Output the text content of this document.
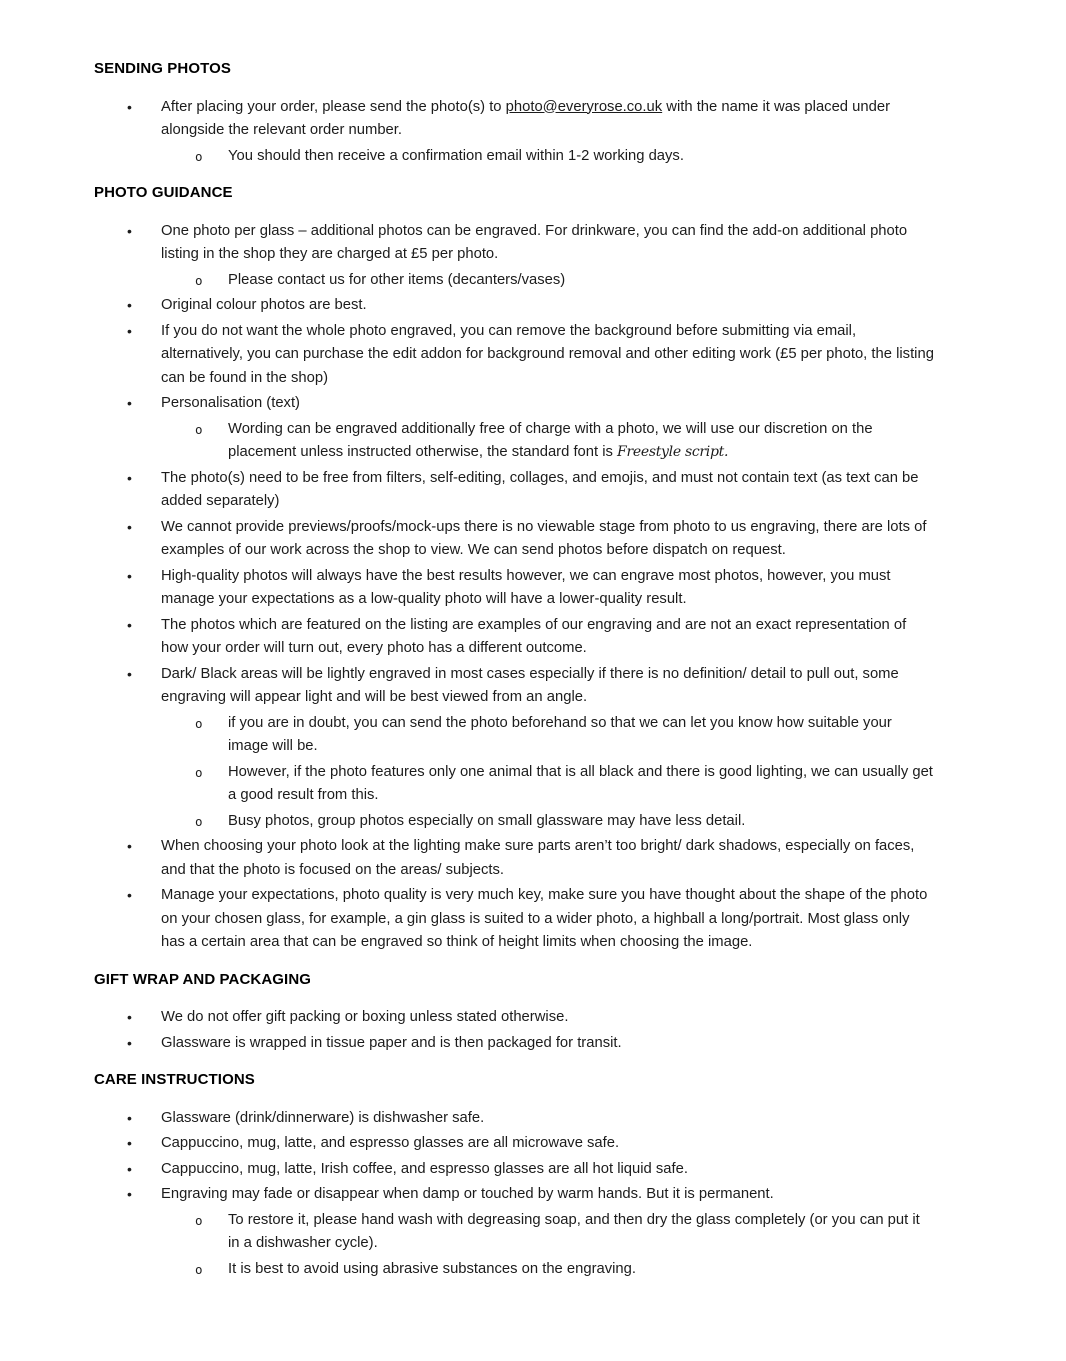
SENDING PHOTOS
• After placing your order, please send the photo(s) to photo@everyrose.co.uk with the name it was placed under alongside the relevant order number.
o You should then receive a confirmation email within 1-2 working days.
PHOTO GUIDANCE
• One photo per glass – additional photos can be engraved. For drinkware, you can find the add-on additional photo listing in the shop they are charged at £5 per photo.
o Please contact us for other items (decanters/vases)
• Original colour photos are best.
• If you do not want the whole photo engraved, you can remove the background before submitting via email, alternatively, you can purchase the edit addon for background removal and other editing work (£5 per photo, the listing can be found in the shop)
• Personalisation (text)
o Wording can be engraved additionally free of charge with a photo, we will use our discretion on the placement unless instructed otherwise, the standard font is Freestyle script.
• The photo(s) need to be free from filters, self-editing, collages, and emojis, and must not contain text (as text can be added separately)
• We cannot provide previews/proofs/mock-ups there is no viewable stage from photo to us engraving, there are lots of examples of our work across the shop to view. We can send photos before dispatch on request.
• High-quality photos will always have the best results however, we can engrave most photos, however, you must manage your expectations as a low-quality photo will have a lower-quality result.
• The photos which are featured on the listing are examples of our engraving and are not an exact representation of how your order will turn out, every photo has a different outcome.
• Dark/ Black areas will be lightly engraved in most cases especially if there is no definition/ detail to pull out, some engraving will appear light and will be best viewed from an angle.
o if you are in doubt, you can send the photo beforehand so that we can let you know how suitable your image will be.
o However, if the photo features only one animal that is all black and there is good lighting, we can usually get a good result from this.
o Busy photos, group photos especially on small glassware may have less detail.
• When choosing your photo look at the lighting make sure parts aren’t too bright/ dark shadows, especially on faces, and that the photo is focused on the areas/ subjects.
• Manage your expectations, photo quality is very much key, make sure you have thought about the shape of the photo on your chosen glass, for example, a gin glass is suited to a wider photo, a highball a long/portrait. Most glass only has a certain area that can be engraved so think of height limits when choosing the image.
GIFT WRAP AND PACKAGING
• We do not offer gift packing or boxing unless stated otherwise.
• Glassware is wrapped in tissue paper and is then packaged for transit.
CARE INSTRUCTIONS
• Glassware (drink/dinnerware) is dishwasher safe.
• Cappuccino, mug, latte, and espresso glasses are all microwave safe.
• Cappuccino, mug, latte, Irish coffee, and espresso glasses are all hot liquid safe.
• Engraving may fade or disappear when damp or touched by warm hands. But it is permanent.
o To restore it, please hand wash with degreasing soap, and then dry the glass completely (or you can put it in a dishwasher cycle).
o It is best to avoid using abrasive substances on the engraving.
